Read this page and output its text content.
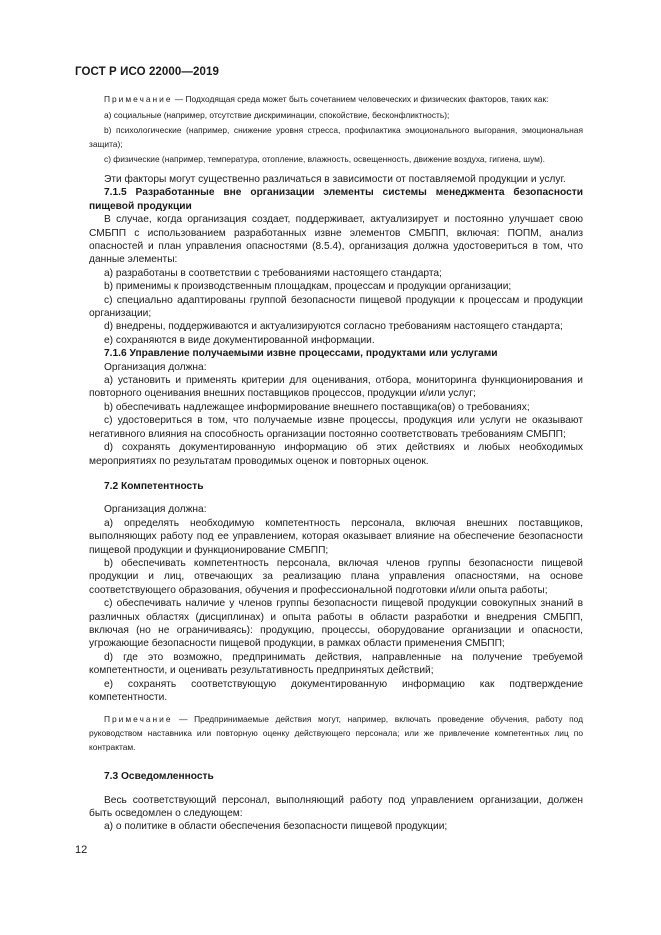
ГОСТ Р ИСО 22000—2019

Примечание — Подходящая среда может быть сочетанием человеческих и физических факторов, таких как:

а) социальные (например, отсутствие дискриминации, спокойствие, бесконфликтность);

b) психологические (например, снижение уровня стресса, профилактика эмоционального выгорания, эмоциональная защита);

c) физические (например, температура, отопление, влажность, освещенность, движение воздуха, гигиена, шум).

Эти факторы могут существенно различаться в зависимости от поставляемой продукции и услуг.

7.1.5 Разработанные вне организации элементы системы менеджмента безопасности пищевой продукции

В случае, когда организация создает, поддерживает, актуализирует и постоянно улучшает свою СМБПП с использованием разработанных извне элементов СМБПП, включая: ПОПМ, анализ опасностей и план управления опасностями (8.5.4), организация должна удостовериться в том, что данные элементы:

а) разработаны в соответствии с требованиями настоящего стандарта;

b) применимы к производственным площадкам, процессам и продукции организации;

c) специально адаптированы группой безопасности пищевой продукции к процессам и продукции организации;

d) внедрены, поддерживаются и актуализируются согласно требованиям настоящего стандарта;

е) сохраняются в виде документированной информации.

7.1.6 Управление получаемыми извне процессами, продуктами или услугами

Организация должна:

а) установить и применять критерии для оценивания, отбора, мониторинга функционирования и повторного оценивания внешних поставщиков процессов, продукции и/или услуг;

b) обеспечивать надлежащее информирование внешнего поставщика(ов) о требованиях;

c) удостовериться в том, что получаемые извне процессы, продукция или услуги не оказывают негативного влияния на способность организации постоянно соответствовать требованиям СМБПП;

d) сохранять документированную информацию об этих действиях и любых необходимых мероприятиях по результатам проводимых оценок и повторных оценок.

7.2 Компетентность

Организация должна:

а) определять необходимую компетентность персонала, включая внешних поставщиков, выполняющих работу под ее управлением, которая оказывает влияние на обеспечение безопасности пищевой продукции и функционирование СМБПП;

b) обеспечивать компетентность персонала, включая членов группы безопасности пищевой продукции и лиц, отвечающих за реализацию плана управления опасностями, на основе соответствующего образования, обучения и профессиональной подготовки и/или опыта работы;

c) обеспечивать наличие у членов группы безопасности пищевой продукции совокупных знаний в различных областях (дисциплинах) и опыта работы в области разработки и внедрения СМБПП, включая (но не ограничиваясь): продукцию, процессы, оборудование организации и опасности, угрожающие безопасности пищевой продукции, в рамках области применения СМБПП;

d) где это возможно, предпринимать действия, направленные на получение требуемой компетентности, и оценивать результативность предпринятых действий;

е) сохранять соответствующую документированную информацию как подтверждение компетентности.

Примечание — Предпринимаемые действия могут, например, включать проведение обучения, работу под руководством наставника или повторную оценку действующего персонала; или же привлечение компетентных лиц по контрактам.

7.3 Осведомленность

Весь соответствующий персонал, выполняющий работу под управлением организации, должен быть осведомлен о следующем:

а) о политике в области обеспечения безопасности пищевой продукции;

12
